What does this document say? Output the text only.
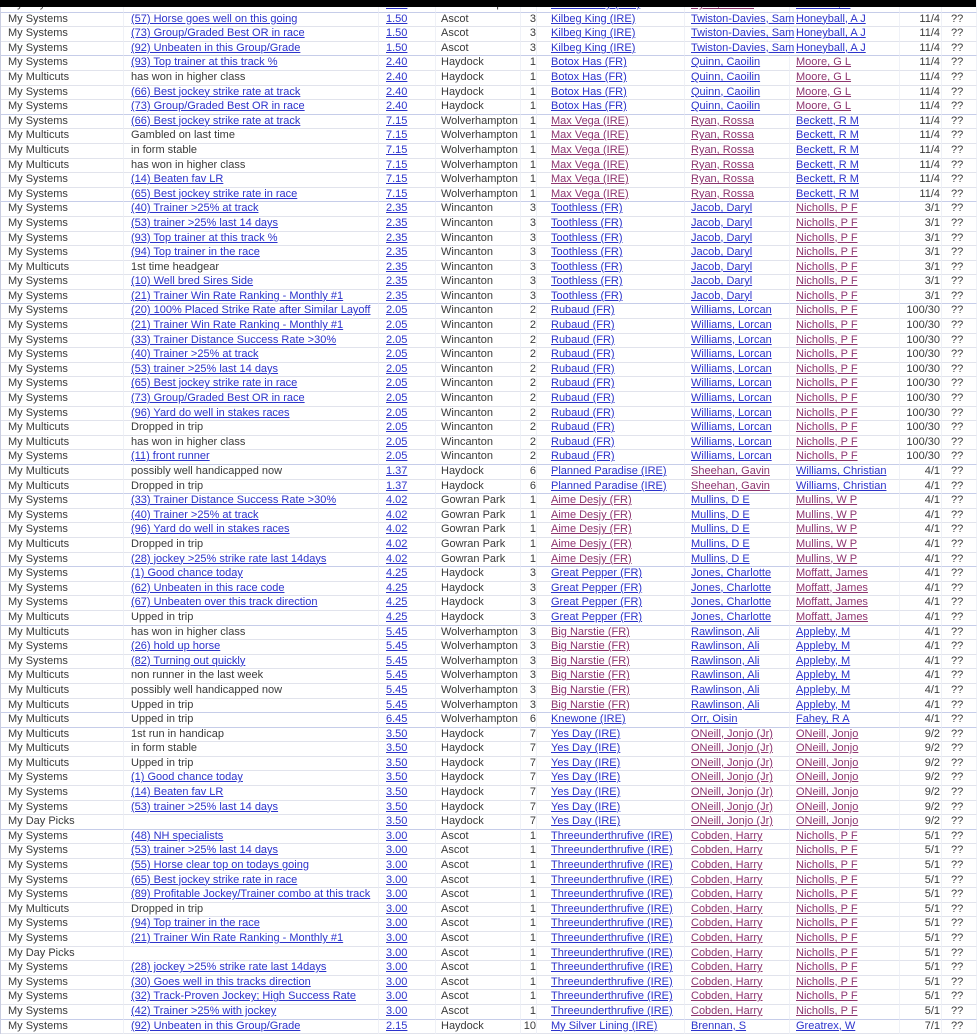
My Systems	(57) Horse goes well on this going	1.50	Ascot	3	Kilbeg King (IRE)	Twiston-Davies, Sam	Honeyball, A J	11/4	??
My Systems	(73) Group/Graded Best OR in race	1.50	Ascot	3	Kilbeg King (IRE)	Twiston-Davies, Sam	Honeyball, A J	11/4	??
My Systems	(92) Unbeaten in this Group/Grade	1.50	Ascot	3	Kilbeg King (IRE)	Twiston-Davies, Sam	Honeyball, A J	11/4	??
My Systems	(93) Top trainer at this track %	2.40	Haydock	1	Botox Has (FR)	Quinn, Caoilin	Moore, G L	11/4	??
My Multicuts	has won in higher class	2.40	Haydock	1	Botox Has (FR)	Quinn, Caoilin	Moore, G L	11/4	??
My Systems	(66) Best jockey strike rate at track	2.40	Haydock	1	Botox Has (FR)	Quinn, Caoilin	Moore, G L	11/4	??
My Systems	(73) Group/Graded Best OR in race	2.40	Haydock	1	Botox Has (FR)	Quinn, Caoilin	Moore, G L	11/4	??
My Systems	(66) Best jockey strike rate at track	7.15	Wolverhampton	1	Max Vega (IRE)	Ryan, Rossa	Beckett, R M	11/4	??
My Multicuts	Gambled on last time	7.15	Wolverhampton	1	Max Vega (IRE)	Ryan, Rossa	Beckett, R M	11/4	??
My Multicuts	in form stable	7.15	Wolverhampton	1	Max Vega (IRE)	Ryan, Rossa	Beckett, R M	11/4	??
My Multicuts	has won in higher class	7.15	Wolverhampton	1	Max Vega (IRE)	Ryan, Rossa	Beckett, R M	11/4	??
My Systems	(14) Beaten fav LR	7.15	Wolverhampton	1	Max Vega (IRE)	Ryan, Rossa	Beckett, R M	11/4	??
My Systems	(65) Best jockey strike rate in race	7.15	Wolverhampton	1	Max Vega (IRE)	Ryan, Rossa	Beckett, R M	11/4	??
My Systems	(40) Trainer >25% at track	2.35	Wincanton	3	Toothless (FR)	Jacob, Daryl	Nicholls, P F	3/1	??
My Systems	(53) trainer >25% last 14 days	2.35	Wincanton	3	Toothless (FR)	Jacob, Daryl	Nicholls, P F	3/1	??
My Systems	(93) Top trainer at this track %	2.35	Wincanton	3	Toothless (FR)	Jacob, Daryl	Nicholls, P F	3/1	??
My Systems	(94) Top trainer in the race	2.35	Wincanton	3	Toothless (FR)	Jacob, Daryl	Nicholls, P F	3/1	??
My Multicuts	1st time headgear	2.35	Wincanton	3	Toothless (FR)	Jacob, Daryl	Nicholls, P F	3/1	??
My Systems	(10) Well bred Sires Side	2.35	Wincanton	3	Toothless (FR)	Jacob, Daryl	Nicholls, P F	3/1	??
My Systems	(21) Trainer Win Rate Ranking - Monthly #1	2.35	Wincanton	3	Toothless (FR)	Jacob, Daryl	Nicholls, P F	3/1	??
My Systems	(20) 100% Placed Strike Rate after Similar Layoff	2.05	Wincanton	2	Rubaud (FR)	Williams, Lorcan	Nicholls, P F	100/30	??
My Systems	(21) Trainer Win Rate Ranking - Monthly #1	2.05	Wincanton	2	Rubaud (FR)	Williams, Lorcan	Nicholls, P F	100/30	??
My Systems	(33) Trainer Distance Success Rate >30%	2.05	Wincanton	2	Rubaud (FR)	Williams, Lorcan	Nicholls, P F	100/30	??
My Systems	(40) Trainer >25% at track	2.05	Wincanton	2	Rubaud (FR)	Williams, Lorcan	Nicholls, P F	100/30	??
My Systems	(53) trainer >25% last 14 days	2.05	Wincanton	2	Rubaud (FR)	Williams, Lorcan	Nicholls, P F	100/30	??
My Systems	(65) Best jockey strike rate in race	2.05	Wincanton	2	Rubaud (FR)	Williams, Lorcan	Nicholls, P F	100/30	??
My Systems	(73) Group/Graded Best OR in race	2.05	Wincanton	2	Rubaud (FR)	Williams, Lorcan	Nicholls, P F	100/30	??
My Systems	(96) Yard do well in stakes races	2.05	Wincanton	2	Rubaud (FR)	Williams, Lorcan	Nicholls, P F	100/30	??
My Multicuts	Dropped in trip	2.05	Wincanton	2	Rubaud (FR)	Williams, Lorcan	Nicholls, P F	100/30	??
My Multicuts	has won in higher class	2.05	Wincanton	2	Rubaud (FR)	Williams, Lorcan	Nicholls, P F	100/30	??
My Systems	(11) front runner	2.05	Wincanton	2	Rubaud (FR)	Williams, Lorcan	Nicholls, P F	100/30	??
My Multicuts	possibly well handicapped now	1.37	Haydock	6	Planned Paradise (IRE)	Sheehan, Gavin	Williams, Christian	4/1	??
My Multicuts	Dropped in trip	1.37	Haydock	6	Planned Paradise (IRE)	Sheehan, Gavin	Williams, Christian	4/1	??
My Systems	(33) Trainer Distance Success Rate >30%	4.02	Gowran Park	1	Aime Desjy (FR)	Mullins, D E	Mullins, W P	4/1	??
My Systems	(40) Trainer >25% at track	4.02	Gowran Park	1	Aime Desjy (FR)	Mullins, D E	Mullins, W P	4/1	??
My Systems	(96) Yard do well in stakes races	4.02	Gowran Park	1	Aime Desjy (FR)	Mullins, D E	Mullins, W P	4/1	??
My Multicuts	Dropped in trip	4.02	Gowran Park	1	Aime Desjy (FR)	Mullins, D E	Mullins, W P	4/1	??
My Systems	(28) jockey >25% strike rate last 14days	4.02	Gowran Park	1	Aime Desjy (FR)	Mullins, D E	Mullins, W P	4/1	??
My Systems	(1) Good chance today	4.25	Haydock	3	Great Pepper (FR)	Jones, Charlotte	Moffatt, James	4/1	??
My Systems	(62) Unbeaten in this race code	4.25	Haydock	3	Great Pepper (FR)	Jones, Charlotte	Moffatt, James	4/1	??
My Systems	(67) Unbeaten over this track direction	4.25	Haydock	3	Great Pepper (FR)	Jones, Charlotte	Moffatt, James	4/1	??
My Multicuts	Upped in trip	4.25	Haydock	3	Great Pepper (FR)	Jones, Charlotte	Moffatt, James	4/1	??
My Multicuts	has won in higher class	5.45	Wolverhampton	3	Big Narstie (FR)	Rawlinson, Ali	Appleby, M	4/1	??
My Systems	(26) hold up horse	5.45	Wolverhampton	3	Big Narstie (FR)	Rawlinson, Ali	Appleby, M	4/1	??
My Systems	(82) Turning out quickly	5.45	Wolverhampton	3	Big Narstie (FR)	Rawlinson, Ali	Appleby, M	4/1	??
My Multicuts	non runner in the last week	5.45	Wolverhampton	3	Big Narstie (FR)	Rawlinson, Ali	Appleby, M	4/1	??
My Multicuts	possibly well handicapped now	5.45	Wolverhampton	3	Big Narstie (FR)	Rawlinson, Ali	Appleby, M	4/1	??
My Multicuts	Upped in trip	5.45	Wolverhampton	3	Big Narstie (FR)	Rawlinson, Ali	Appleby, M	4/1	??
My Multicuts	Upped in trip	6.45	Wolverhampton	6	Knewone (IRE)	Orr, Oisin	Fahey, R A	4/1	??
My Multicuts	1st run in handicap	3.50	Haydock	7	Yes Day (IRE)	ONeill, Jonjo (Jr)	ONeill, Jonjo	9/2	??
My Multicuts	in form stable	3.50	Haydock	7	Yes Day (IRE)	ONeill, Jonjo (Jr)	ONeill, Jonjo	9/2	??
My Multicuts	Upped in trip	3.50	Haydock	7	Yes Day (IRE)	ONeill, Jonjo (Jr)	ONeill, Jonjo	9/2	??
My Systems	(1) Good chance today	3.50	Haydock	7	Yes Day (IRE)	ONeill, Jonjo (Jr)	ONeill, Jonjo	9/2	??
My Systems	(14) Beaten fav LR	3.50	Haydock	7	Yes Day (IRE)	ONeill, Jonjo (Jr)	ONeill, Jonjo	9/2	??
My Systems	(53) trainer >25% last 14 days	3.50	Haydock	7	Yes Day (IRE)	ONeill, Jonjo (Jr)	ONeill, Jonjo	9/2	??
My Day Picks		3.50	Haydock	7	Yes Day (IRE)	ONeill, Jonjo (Jr)	ONeill, Jonjo	9/2	??
My Systems	(48) NH specialists	3.00	Ascot	1	Threeunderthrufive (IRE)	Cobden, Harry	Nicholls, P F	5/1	??
My Systems	(53) trainer >25% last 14 days	3.00	Ascot	1	Threeunderthrufive (IRE)	Cobden, Harry	Nicholls, P F	5/1	??
My Systems	(55) Horse clear top on todays going	3.00	Ascot	1	Threeunderthrufive (IRE)	Cobden, Harry	Nicholls, P F	5/1	??
My Systems	(65) Best jockey strike rate in race	3.00	Ascot	1	Threeunderthrufive (IRE)	Cobden, Harry	Nicholls, P F	5/1	??
My Systems	(89) Profitable Jockey/Trainer combo at this track	3.00	Ascot	1	Threeunderthrufive (IRE)	Cobden, Harry	Nicholls, P F	5/1	??
My Multicuts	Dropped in trip	3.00	Ascot	1	Threeunderthrufive (IRE)	Cobden, Harry	Nicholls, P F	5/1	??
My Systems	(94) Top trainer in the race	3.00	Ascot	1	Threeunderthrufive (IRE)	Cobden, Harry	Nicholls, P F	5/1	??
My Systems	(21) Trainer Win Rate Ranking - Monthly #1	3.00	Ascot	1	Threeunderthrufive (IRE)	Cobden, Harry	Nicholls, P F	5/1	??
My Day Picks		3.00	Ascot	1	Threeunderthrufive (IRE)	Cobden, Harry	Nicholls, P F	5/1	??
My Systems	(28) jockey >25% strike rate last 14days	3.00	Ascot	1	Threeunderthrufive (IRE)	Cobden, Harry	Nicholls, P F	5/1	??
My Systems	(30) Goes well in this tracks direction	3.00	Ascot	1	Threeunderthrufive (IRE)	Cobden, Harry	Nicholls, P F	5/1	??
My Systems	(32) Track-Proven Jockey; High Success Rate	3.00	Ascot	1	Threeunderthrufive (IRE)	Cobden, Harry	Nicholls, P F	5/1	??
My Systems	(42) Trainer >25% with jockey	3.00	Ascot	1	Threeunderthrufive (IRE)	Cobden, Harry	Nicholls, P F	5/1	??
My Systems	(92) Unbeaten in this Group/Grade	2.15	Haydock	10	My Silver Lining (IRE)	Brennan, S	Greatrex, W	7/1	??
